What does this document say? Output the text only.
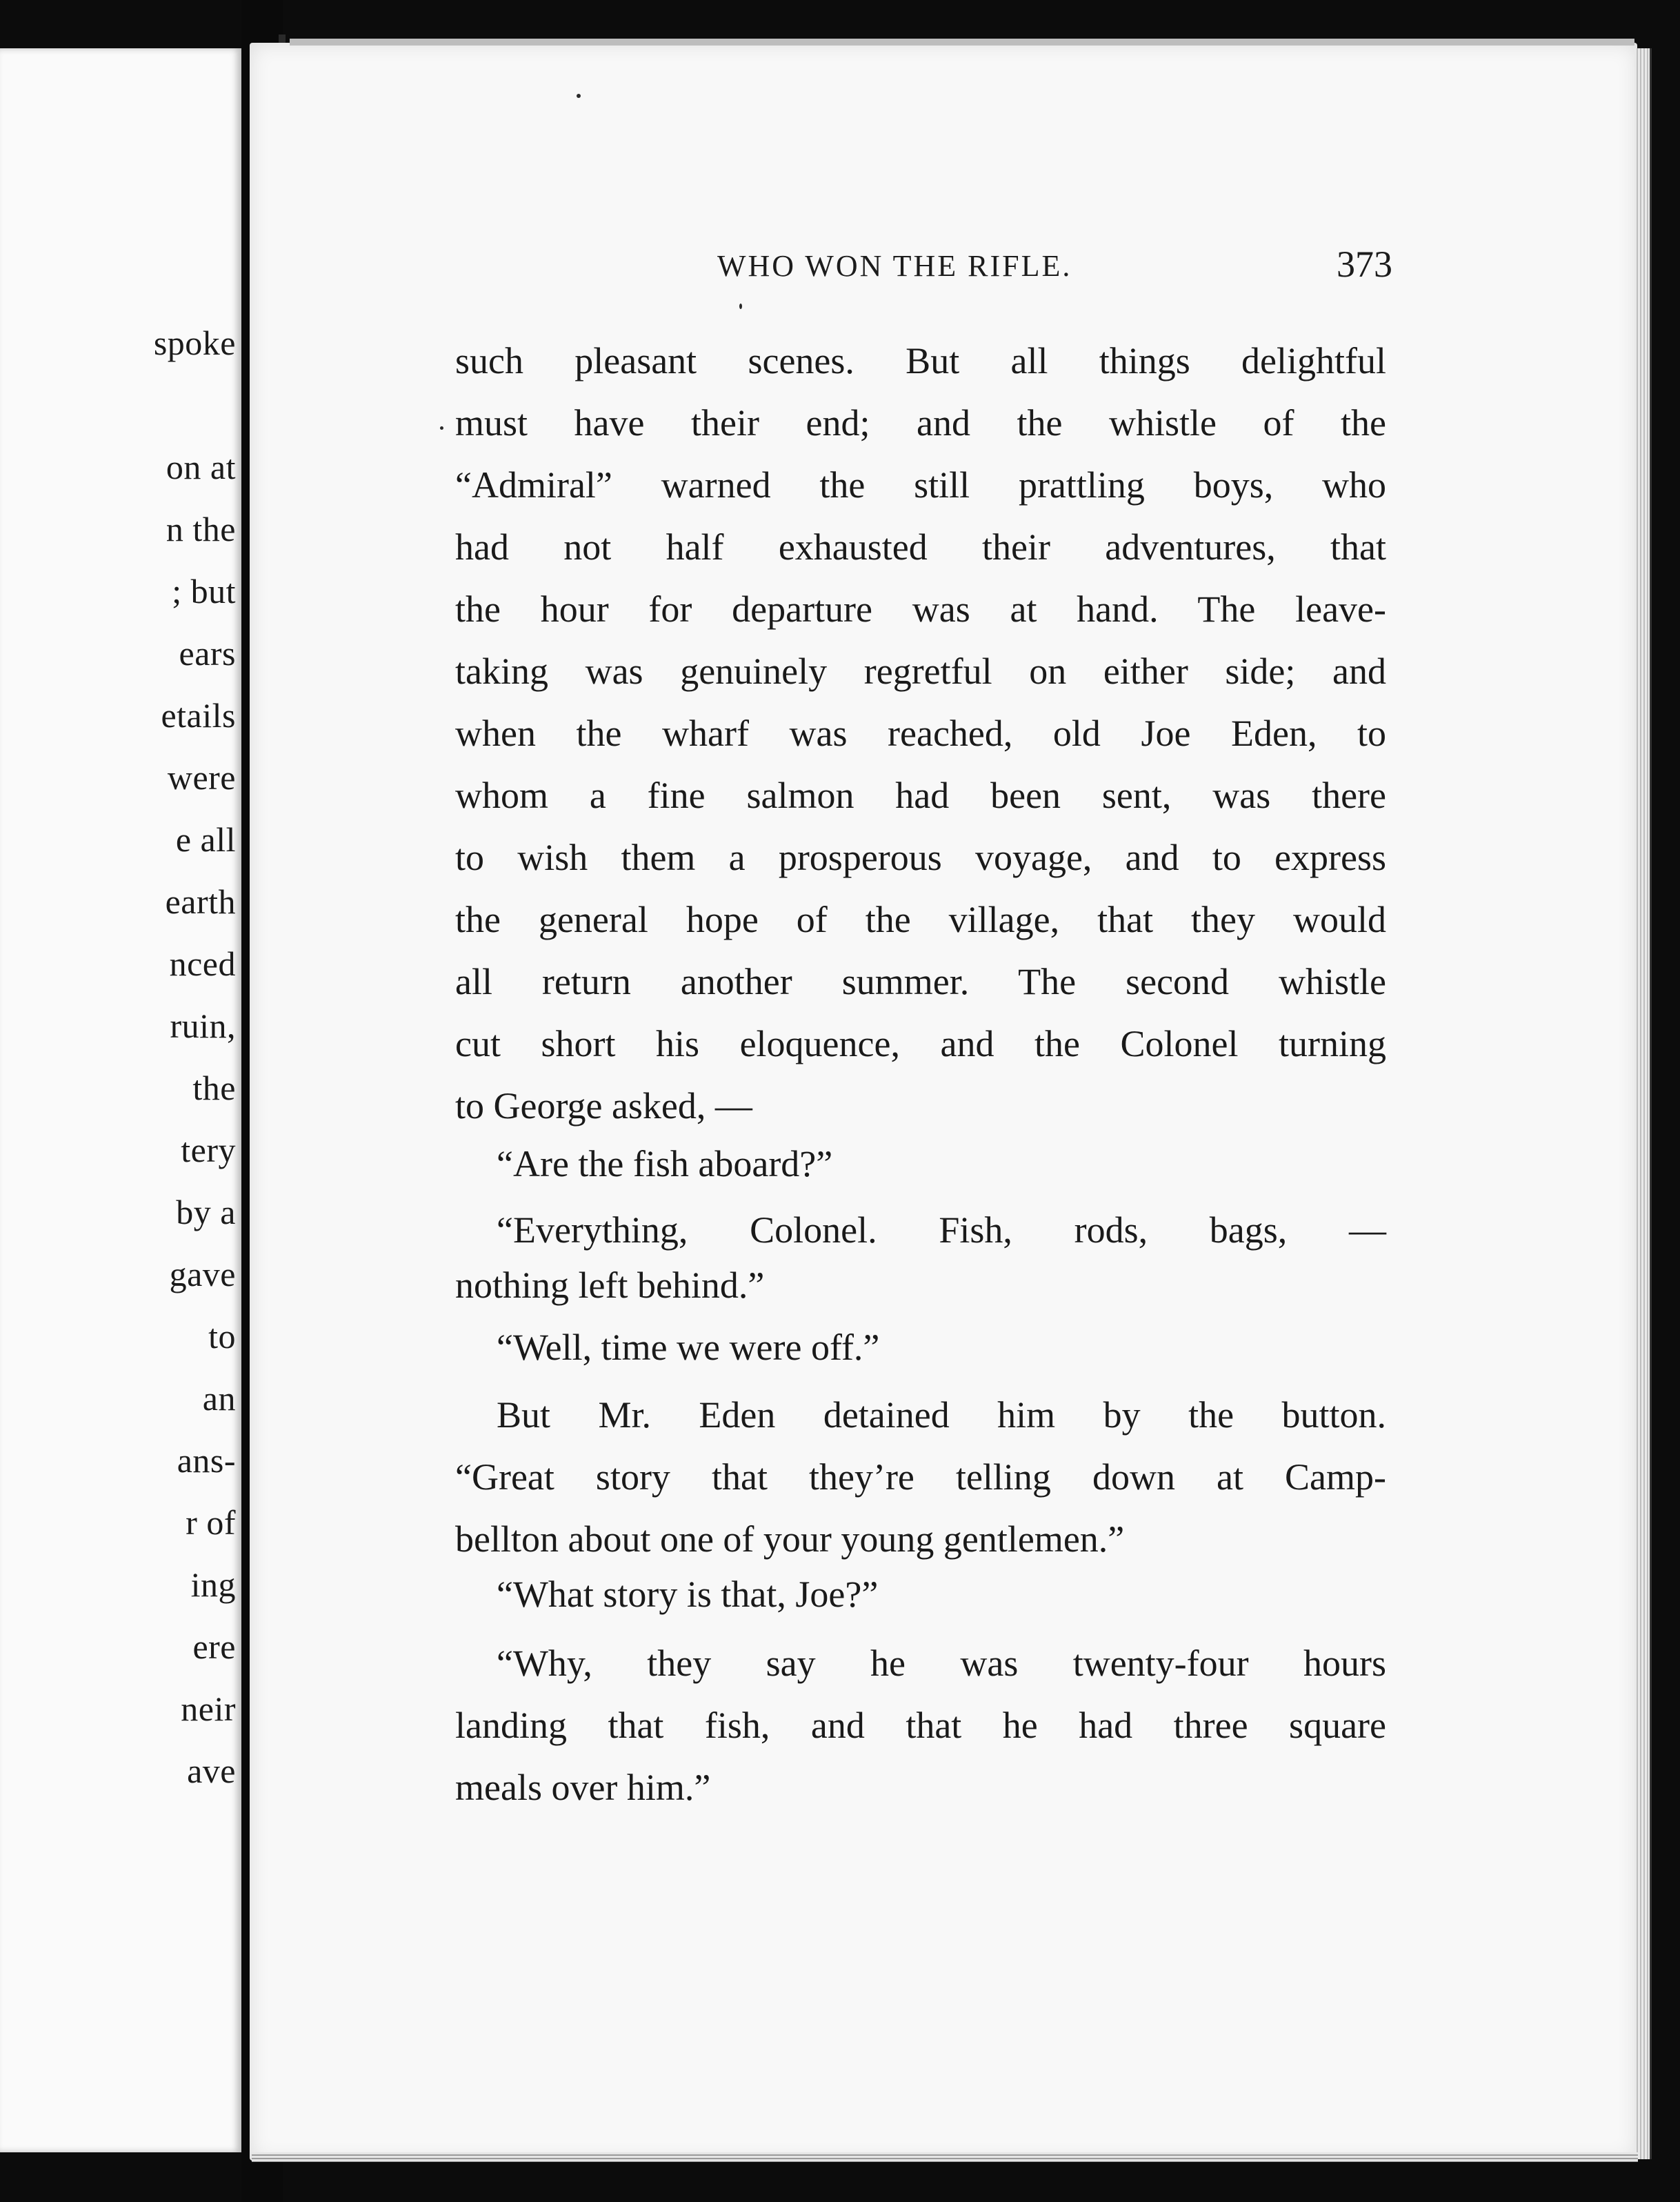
spoke
on at
n the
; but
ears
etails
were
e all
earth
nced
ruin,
the
tery
by a
gave
to
an
ans-
r of
ing
ere
neir
ave
WHO WON THE RIFLE.	373
such pleasant scenes. But all things delightful
must have their end; and the whistle of the
“Admiral” warned the still prattling boys, who
had not half exhausted their adventures, that
the hour for departure was at hand. The leave-
taking was genuinely regretful on either side; and
when the wharf was reached, old Joe Eden, to
whom a fine salmon had been sent, was there
to wish them a prosperous voyage, and to express
the general hope of the village, that they would
all return another summer. The second whistle
cut short his eloquence, and the Colonel turning
to George asked, —
“Are the fish aboard?”
“Everything, Colonel. Fish, rods, bags, —
nothing left behind.”
“Well, time we were off.”
But Mr. Eden detained him by the button.
“Great story that they’re telling down at Camp-
bellton about one of your young gentlemen.”
“What story is that, Joe?”
“Why, they say he was twenty-four hours
landing that fish, and that he had three square
meals over him.”
